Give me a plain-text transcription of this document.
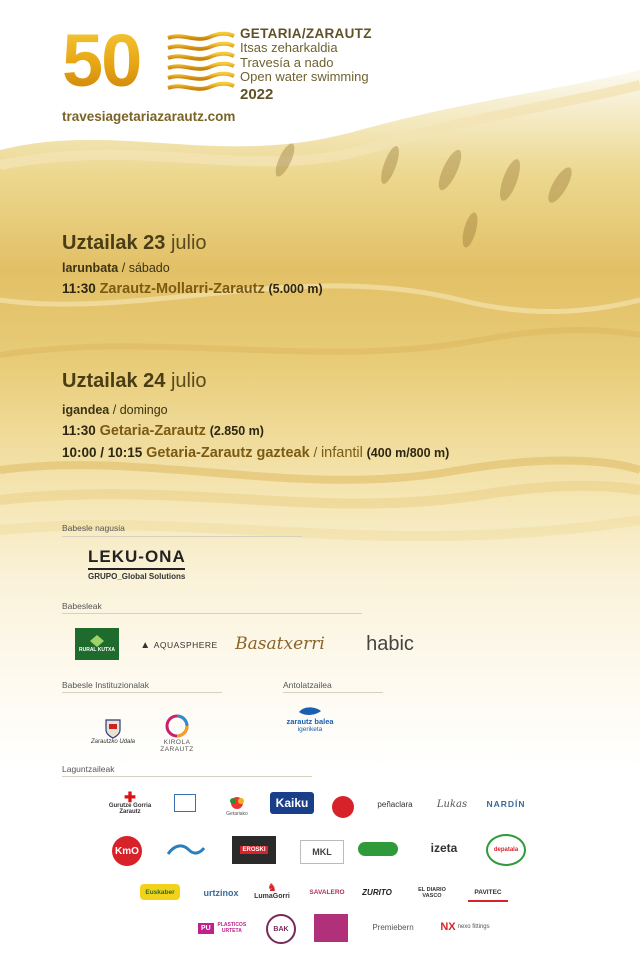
50	GETARIA/ZARAUTZ
Itsas zeharkaldia
Travesía a nado
Open water swimming
2022
travesiagetariazarautz.com
Uztailak 23 julio
larunbata / sábado
11:30 Zarautz-Mollarri-Zarautz (5.000 m)
Uztailak 24 julio
igandea / domingo
11:30 Getaria-Zarautz (2.850 m)
10:00 / 10:15 Getaria-Zarautz gazteak / infantil (400 m/800 m)
Babesle nagusia
LEKU-ONA
GRUPO_Global Solutions
Babesleak
RURAL KUTXA	▲ AQUASPHERE Basatxerri habic
Babesle Instituzionalak	Antolatzailea
Zarautzko Udala	KIROLA ZARAUTZ
zarautz balea
igeriketa
Laguntzaileak
✚
Gurutze Gorria Zarautz	Getariako
Kaiku	peñaclara Lukas NARDÍN
KmO	EROSKI	MKL	izeta	depatala
Euskaber	urtzinox	♞
LumaGorri
SAVALERO ZURITO	EL DIARIO VASCO
PAVITEC
PU	PLASTICOS URTETA	BAK	Premiebern NX nexo fittings
